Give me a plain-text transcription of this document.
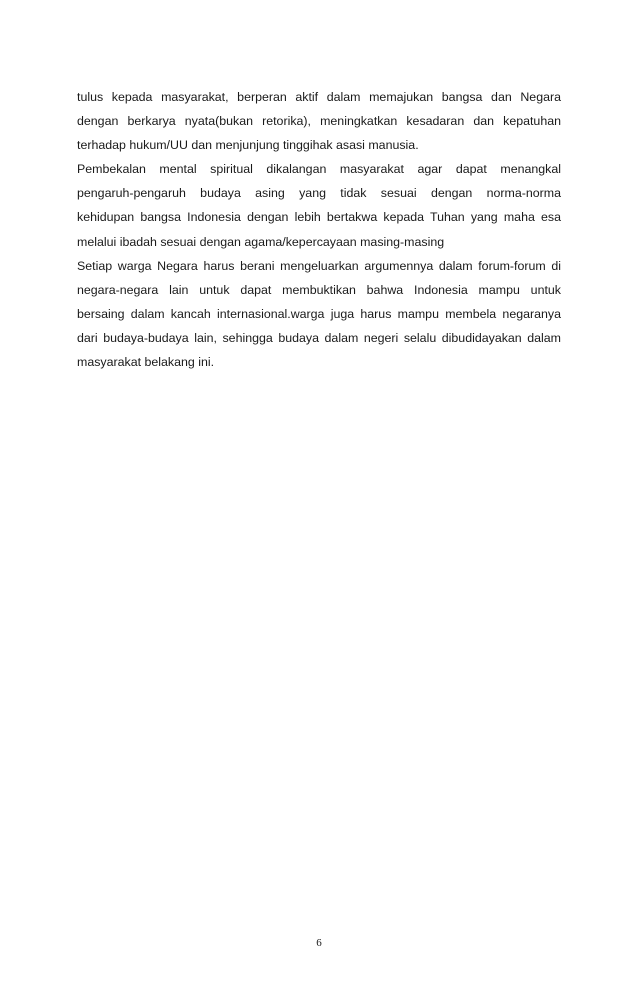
tulus kepada masyarakat, berperan aktif dalam memajukan bangsa dan Negara
dengan berkarya nyata(bukan retorika), meningkatkan kesadaran dan kepatuhan
terhadap hukum/UU dan menjunjung tinggihak asasi manusia.
Pembekalan mental spiritual dikalangan masyarakat agar dapat menangkal
pengaruh-pengaruh budaya asing yang tidak sesuai dengan norma-norma
kehidupan bangsa Indonesia dengan lebih bertakwa kepada Tuhan yang maha esa
melalui ibadah sesuai dengan agama/kepercayaan masing-masing
Setiap warga Negara harus berani mengeluarkan argumennya dalam forum-forum di
negara-negara lain untuk dapat membuktikan bahwa Indonesia mampu untuk
bersaing dalam kancah internasional.warga juga harus mampu membela negaranya
dari budaya-budaya lain, sehingga budaya dalam negeri selalu dibudidayakan dalam
masyarakat belakang ini.
6
